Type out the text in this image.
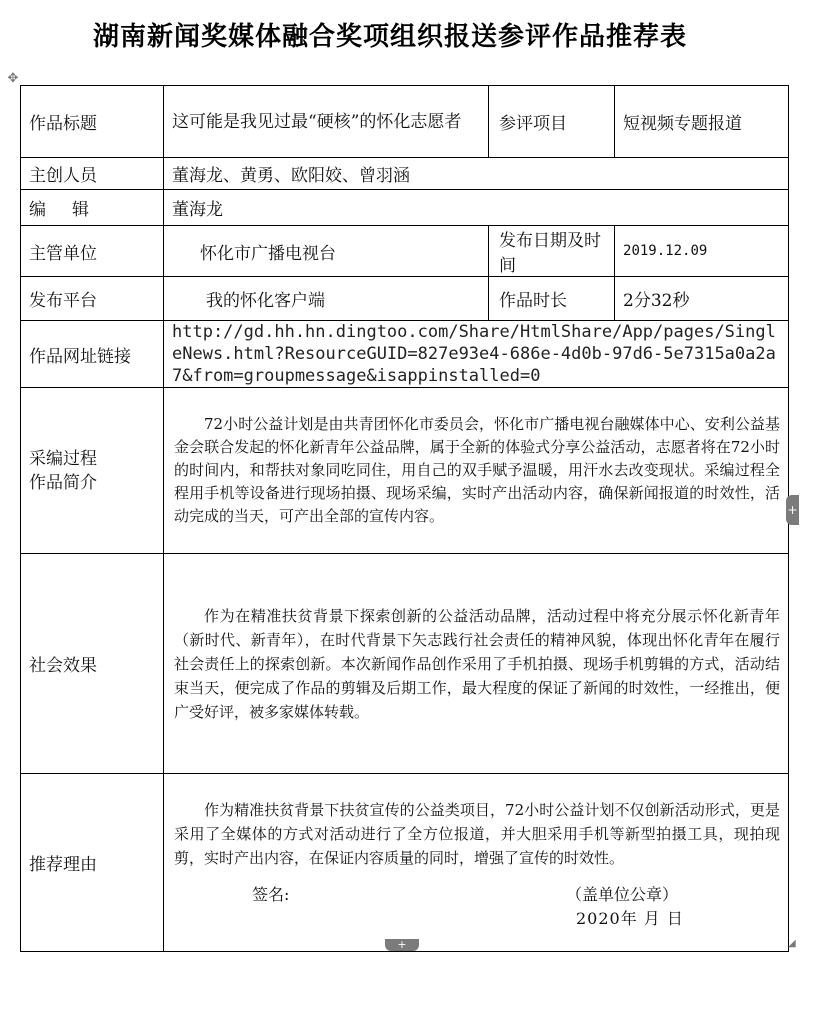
湖南新闻奖媒体融合奖项组织报送参评作品推荐表
✥
作品标题	这可能是我见过最“硬核”的怀化志愿者	参评项目	短视频专题报道
主创人员	董海龙、黄勇、欧阳姣、曾羽涵		
编辑	董海龙		
主管单位	怀化市广播电视台	发布日期及时间	2019.12.09
发布平台	我的怀化客户端	作品时长	2分32秒
作品网址链接	http://gd.hh.hn.dingtoo.com/Share/HtmlShare/App/pages/SingleNews.html?ResourceGUID=827e93e4-686e-4d0b-97d6-5e7315a0a2a7&from=groupmessage&isappinstalled=0		

采编过程
作品简介	72小时公益计划是由共青团怀化市委员会，怀化市广播电视台融媒体中心、安利公益基金会联合发起的怀化新青年公益品牌，属于全新的体验式分享公益活动，志愿者将在72小时的时间内，和帮扶对象同吃同住，用自己的双手赋予温暖，用汗水去改变现状。采编过程全程用手机等设备进行现场拍摄、现场采编，实时产出活动内容，确保新闻报道的时效性，活动完成的当天，可产出全部的宣传内容。		

社会效果	作为在精准扶贫背景下探索创新的公益活动品牌，活动过程中将充分展示怀化新青年（新时代、新青年），在时代背景下矢志践行社会责任的精神风貌，体现出怀化青年在履行社会责任上的探索创新。本次新闻作品创作采用了手机拍摄、现场手机剪辑的方式，活动结束当天，便完成了作品的剪辑及后期工作，最大程度的保证了新闻的时效性，一经推出，便广受好评，被多家媒体转载。		

推荐理由	作为精准扶贫背景下扶贫宣传的公益类项目，72小时公益计划不仅创新活动形式，更是采用了全媒体的方式对活动进行了全方位报道，并大胆采用手机等新型拍摄工具，现拍现剪，实时产出内容，在保证内容质量的同时，增强了宣传的时效性。

签名: （盖单位公章）
2020年 月 日		
+
+	◢
